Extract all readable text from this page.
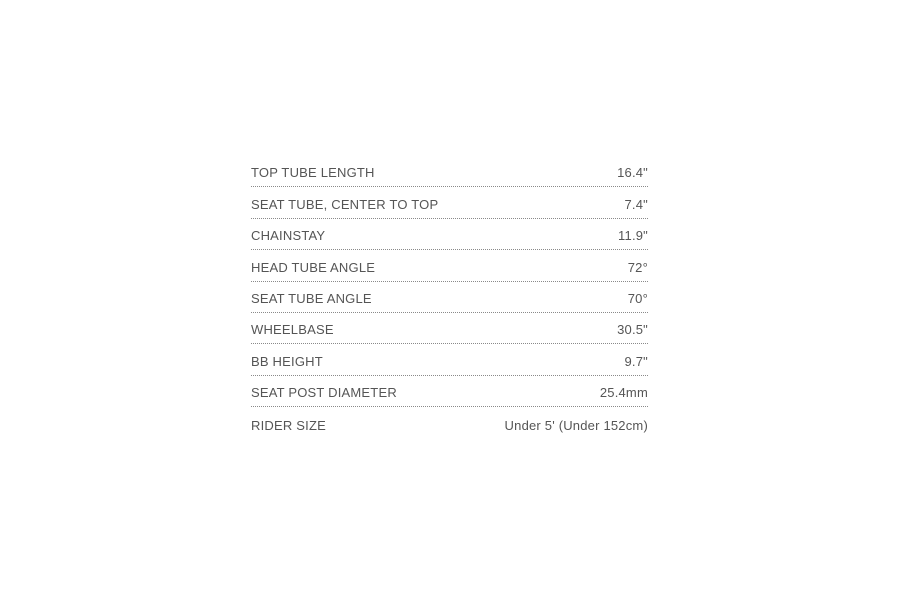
TOP TUBE LENGTH	16.4"
SEAT TUBE, CENTER TO TOP	7.4"
CHAINSTAY	11.9"
HEAD TUBE ANGLE	72°
SEAT TUBE ANGLE	70°
WHEELBASE	30.5"
BB HEIGHT	9.7"
SEAT POST DIAMETER	25.4mm
RIDER SIZE	Under 5' (Under 152cm)
